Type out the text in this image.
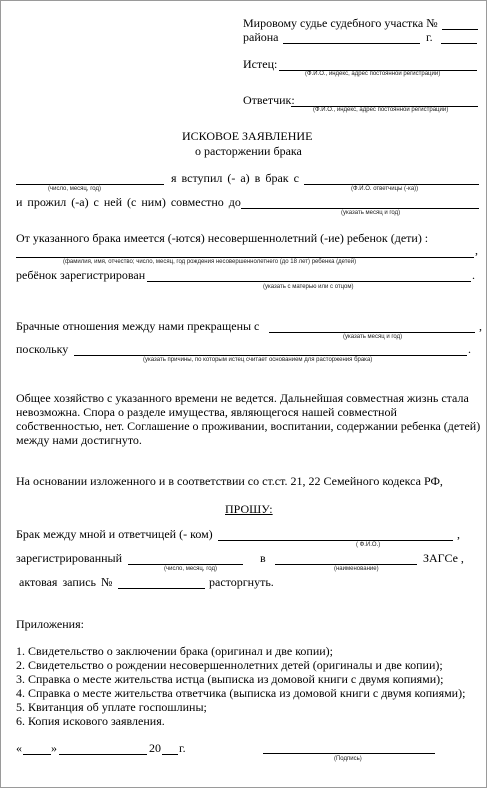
Мировому судье судебного участка №
района	г.
Истец:
(Ф.И.О., индекс, адрес постоянной регистрации)
Ответчик:
(Ф.И.О., индекс, адрес постоянной регистрации)
ИСКОВОЕ ЗАЯВЛЕНИЕ
о расторжении брака
я вступил (- а) в брак с
(число, месяц, год)	(Ф.И.О. ответчицы (-ка))
и прожил (-а) с ней (с ним) совместно до
(указать месяц и год)
От указанного брака имеется (-ются) несовершеннолетний (-ие) ребенок (дети) :
,
(фамилия, имя, отчество; число, месяц, год рождения несовершеннолетнего (до 18 лет) ребенка (детей)
ребёнок зарегистрирован	.
(указать с матерью или с отцом)
Брачные отношения между нами прекращены с	,
(указать месяц и год)
поскольку	.
(указать причины, по которым истец считает основанием для расторжения брака)
Общее хозяйство с указанного времени не ведется. Дальнейшая совместная жизнь стала
невозможна. Спора о разделе имущества, являющегося нашей совместной
собственностью, нет. Соглашение о проживании, воспитании, содержании ребенка (детей)
между нами достигнуто.
На основании изложенного и в соответствии со ст.ст. 21, 22 Семейного кодекса РФ,
ПРОШУ:
Брак между мной и ответчицей (- ком)	,
( Ф.И.О.)
зарегистрированный	в	ЗАГСе ,
(число, месяц, год)	(наименование)
актовая запись №	расторгнуть.
Приложения:
1. Свидетельство о заключении брака (оригинал и две копии);
2. Свидетельство о рождении несовершеннолетних детей (оригиналы и две копии);
3. Справка о месте жительства истца (выписка из домовой книги с двумя копиями);
4. Справка о месте жительства ответчика (выписка из домовой книги с двумя копиями);
5. Квитанция об уплате госпошлины;
6. Копия искового заявления.
« »	20 г.
(Подпись)
